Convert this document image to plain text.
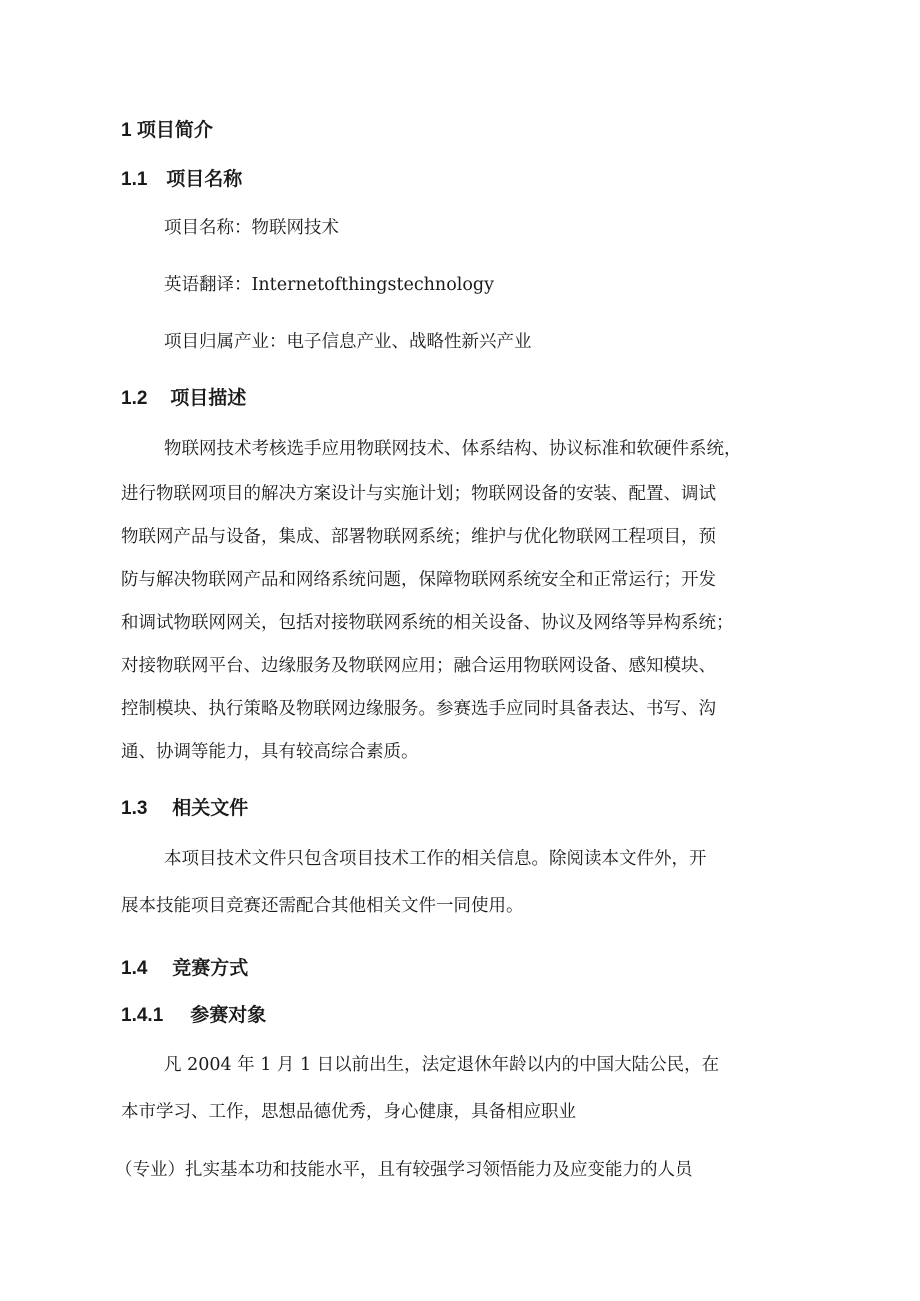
1 项目简介
1.1 项目名称
项目名称：物联网技术
英语翻译：Internetofthingstechnology
项目归属产业：电子信息产业、战略性新兴产业
1.2 项目描述
物联网技术考核选手应用物联网技术、体系结构、协议标准和软硬件系统，
进行物联网项目的解决方案设计与实施计划；物联网设备的安装、配置、调试
物联网产品与设备，集成、部署物联网系统；维护与优化物联网工程项目，预
防与解决物联网产品和网络系统问题，保障物联网系统安全和正常运行；开发
和调试物联网网关，包括对接物联网系统的相关设备、协议及网络等异构系统；
对接物联网平台、边缘服务及物联网应用；融合运用物联网设备、感知模块、
控制模块、执行策略及物联网边缘服务。参赛选手应同时具备表达、书写、沟
通、协调等能力，具有较高综合素质。
1.3 相关文件
本项目技术文件只包含项目技术工作的相关信息。除阅读本文件外，开
展本技能项目竞赛还需配合其他相关文件一同使用。
1.4 竞赛方式
1.4.1 参赛对象
凡 2004 年 1 月 1 日以前出生，法定退休年龄以内的中国大陆公民，在
本市学习、工作，思想品德优秀，身心健康，具备相应职业
（专业）扎实基本功和技能水平，且有较强学习领悟能力及应变能力的人员
